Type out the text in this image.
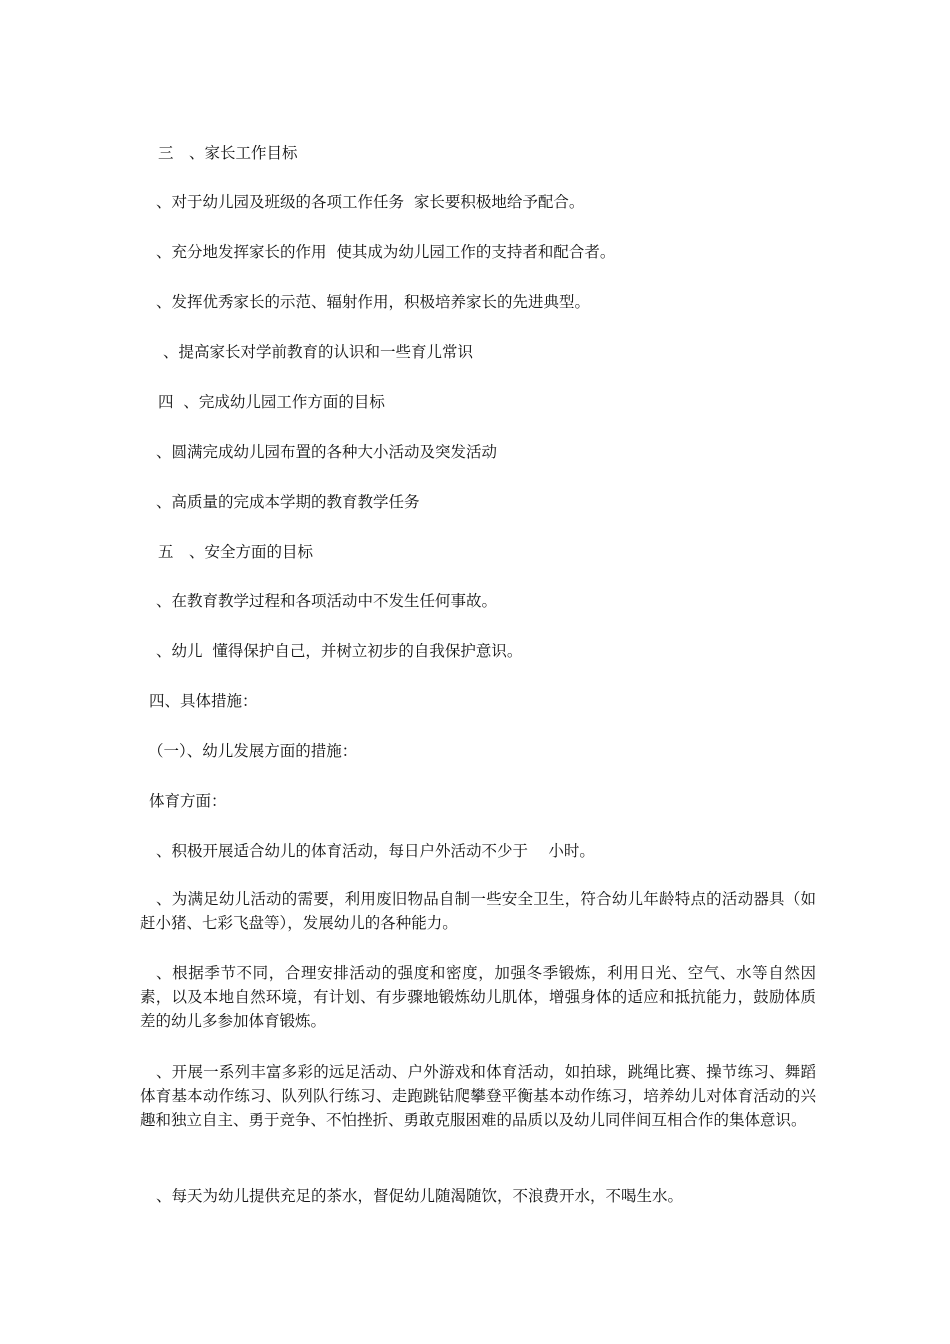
三　、家长工作目标
、对于幼儿园及班级的各项工作任务  家长要积极地给予配合。
、充分地发挥家长的作用  使其成为幼儿园工作的支持者和配合者。
、发挥优秀家长的示范、辐射作用，积极培养家长的先进典型。
、提高家长对学前教育的认识和一些育儿常识
四  、完成幼儿园工作方面的目标
、圆满完成幼儿园布置的各种大小活动及突发活动
、高质量的完成本学期的教育教学任务
五　、安全方面的目标
、在教育教学过程和各项活动中不发生任何事故。
、幼儿  懂得保护自己，并树立初步的自我保护意识。
四、具体措施：
（一）、幼儿发展方面的措施：
体育方面：
、积极开展适合幼儿的体育活动，每日户外活动不少于　 小时。
、为满足幼儿活动的需要，利用废旧物品自制一些安全卫生，符合幼儿年龄特点的活动器具（如赶小猪、七彩飞盘等），发展幼儿的各种能力。
、根据季节不同，合理安排活动的强度和密度，加强冬季锻炼，利用日光、空气、水等自然因素，以及本地自然环境，有计划、有步骤地锻炼幼儿肌体，增强身体的适应和抵抗能力，鼓励体质差的幼儿多参加体育锻炼。
、开展一系列丰富多彩的远足活动、户外游戏和体育活动，如拍球，跳绳比赛、操节练习、舞蹈体育基本动作练习、队列队行练习、走跑跳钻爬攀登平衡基本动作练习，培养幼儿对体育活动的兴趣和独立自主、勇于竞争、不怕挫折、勇敢克服困难的品质以及幼儿同伴间互相合作的集体意识。
、每天为幼儿提供充足的茶水，督促幼儿随渴随饮，不浪费开水，不喝生水。
